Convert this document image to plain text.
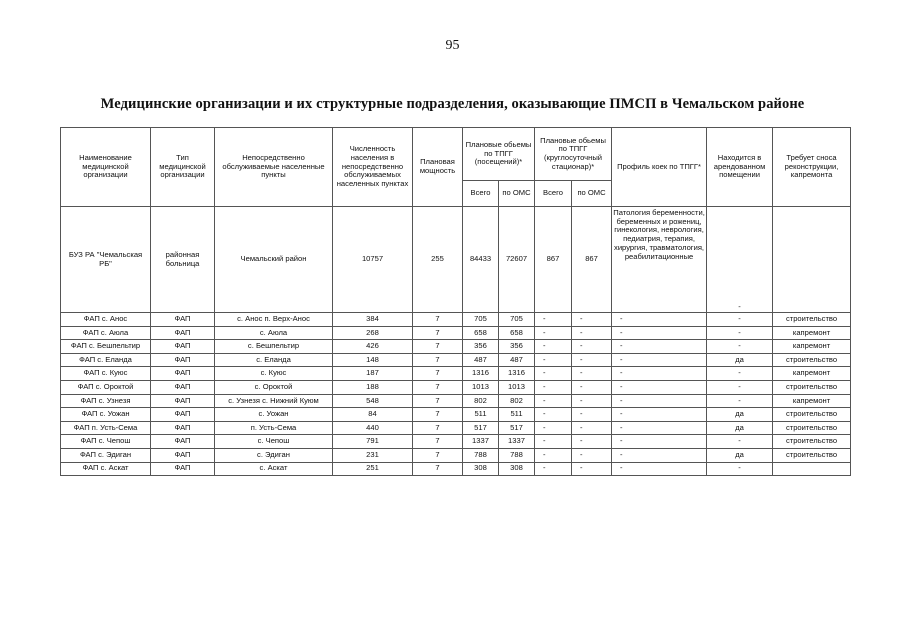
95
Медицинские организации и их структурные подразделения, оказывающие ПМСП в Чемальском районе
Наименование медицинской организации	Тип медицинской организации	Непосредственно обслуживаемые населенные пункты	Численность населения в непосредственно обслуживаемых населенных пунктах	Плановая мощность	Плановые обьемы по ТПГГ (посещений)*		Плановые обьемы по ТПГГ (круглосуточный стационар)*		Профиль коек по ТПГГ*	Находится в арендованном помещении	Требует сноса реконструкции, капремонта
					Всего	по ОМС	Всего	по ОМС			
БУЗ РА "Чемальская РБ"	районная больница	Чемальский район	10757	255	84433	72607	867	867	Патология беременности, беременных и рожениц, гинекология, неврология, педиатрия, терапия, хирургия, травматология, реабилитационные	-	
ФАП с. Анос	ФАП	с. Анос п. Верх-Анос	384	7	705	705	-	-	-	-	строительство
ФАП с. Аюла	ФАП	с. Аюла	268	7	658	658	-	-	-	-	капремонт
ФАП с. Бешпельтир	ФАП	с. Бешпельтир	426	7	356	356	-	-	-	-	капремонт
ФАП с. Еланда	ФАП	с. Еланда	148	7	487	487	-	-	-	да	строительство
ФАП с. Куюс	ФАП	с. Куюс	187	7	1316	1316	-	-	-	-	капремонт
ФАП с. Ороктой	ФАП	с. Ороктой	188	7	1013	1013	-	-	-	-	строительство
ФАП с. Узнезя	ФАП	с. Узнезя с. Нижний Куюм	548	7	802	802	-	-	-	-	капремонт
ФАП с. Уожан	ФАП	с. Уожан	84	7	511	511	-	-	-	да	строительство
ФАП п. Усть-Сема	ФАП	п. Усть-Сема	440	7	517	517	-	-	-	да	строительство
ФАП с. Чепош	ФАП	с. Чепош	791	7	1337	1337	-	-	-	-	строительство
ФАП с. Эдиган	ФАП	с. Эдиган	231	7	788	788	-	-	-	да	строительство
ФАП с. Аскат	ФАП	с. Аскат	251	7	308	308	-	-	-	-	
